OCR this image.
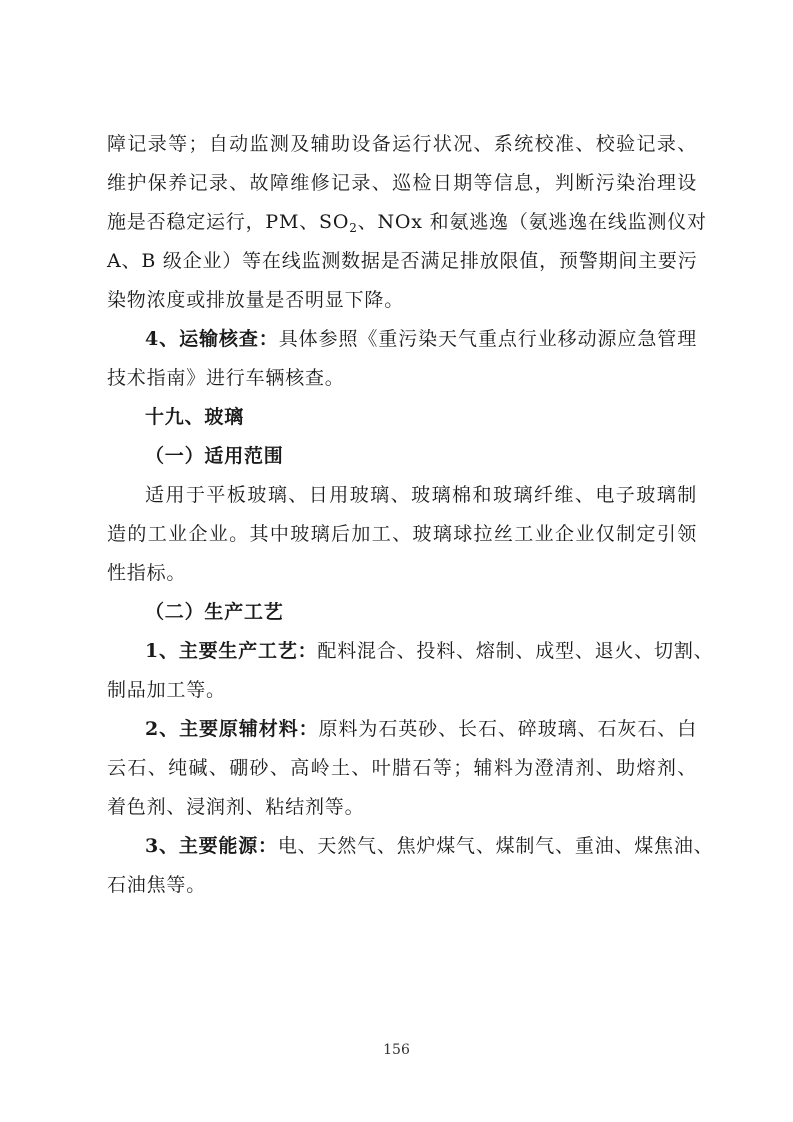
障记录等；自动监测及辅助设备运行状况、系统校准、校验记录、
维护保养记录、故障维修记录、巡检日期等信息，判断污染治理设
施是否稳定运行，PM、$SO_2$、NOx 和氨逃逸（氨逃逸在线监测仪对
A、B 级企业）等在线监测数据是否满足排放限值，预警期间主要污
染物浓度或排放量是否明显下降。
4、运输核查：具体参照《重污染天气重点行业移动源应急管理
技术指南》进行车辆核查。
十九、玻璃
（一）适用范围
适用于平板玻璃、日用玻璃、玻璃棉和玻璃纤维、电子玻璃制
造的工业企业。其中玻璃后加工、玻璃球拉丝工业企业仅制定引领
性指标。
（二）生产工艺
1、主要生产工艺：配料混合、投料、熔制、成型、退火、切割、
制品加工等。
2、主要原辅材料：原料为石英砂、长石、碎玻璃、石灰石、白
云石、纯碱、硼砂、高岭土、叶腊石等；辅料为澄清剂、助熔剂、
着色剂、浸润剂、粘结剂等。
3、主要能源：电、天然气、焦炉煤气、煤制气、重油、煤焦油、
石油焦等。
156
